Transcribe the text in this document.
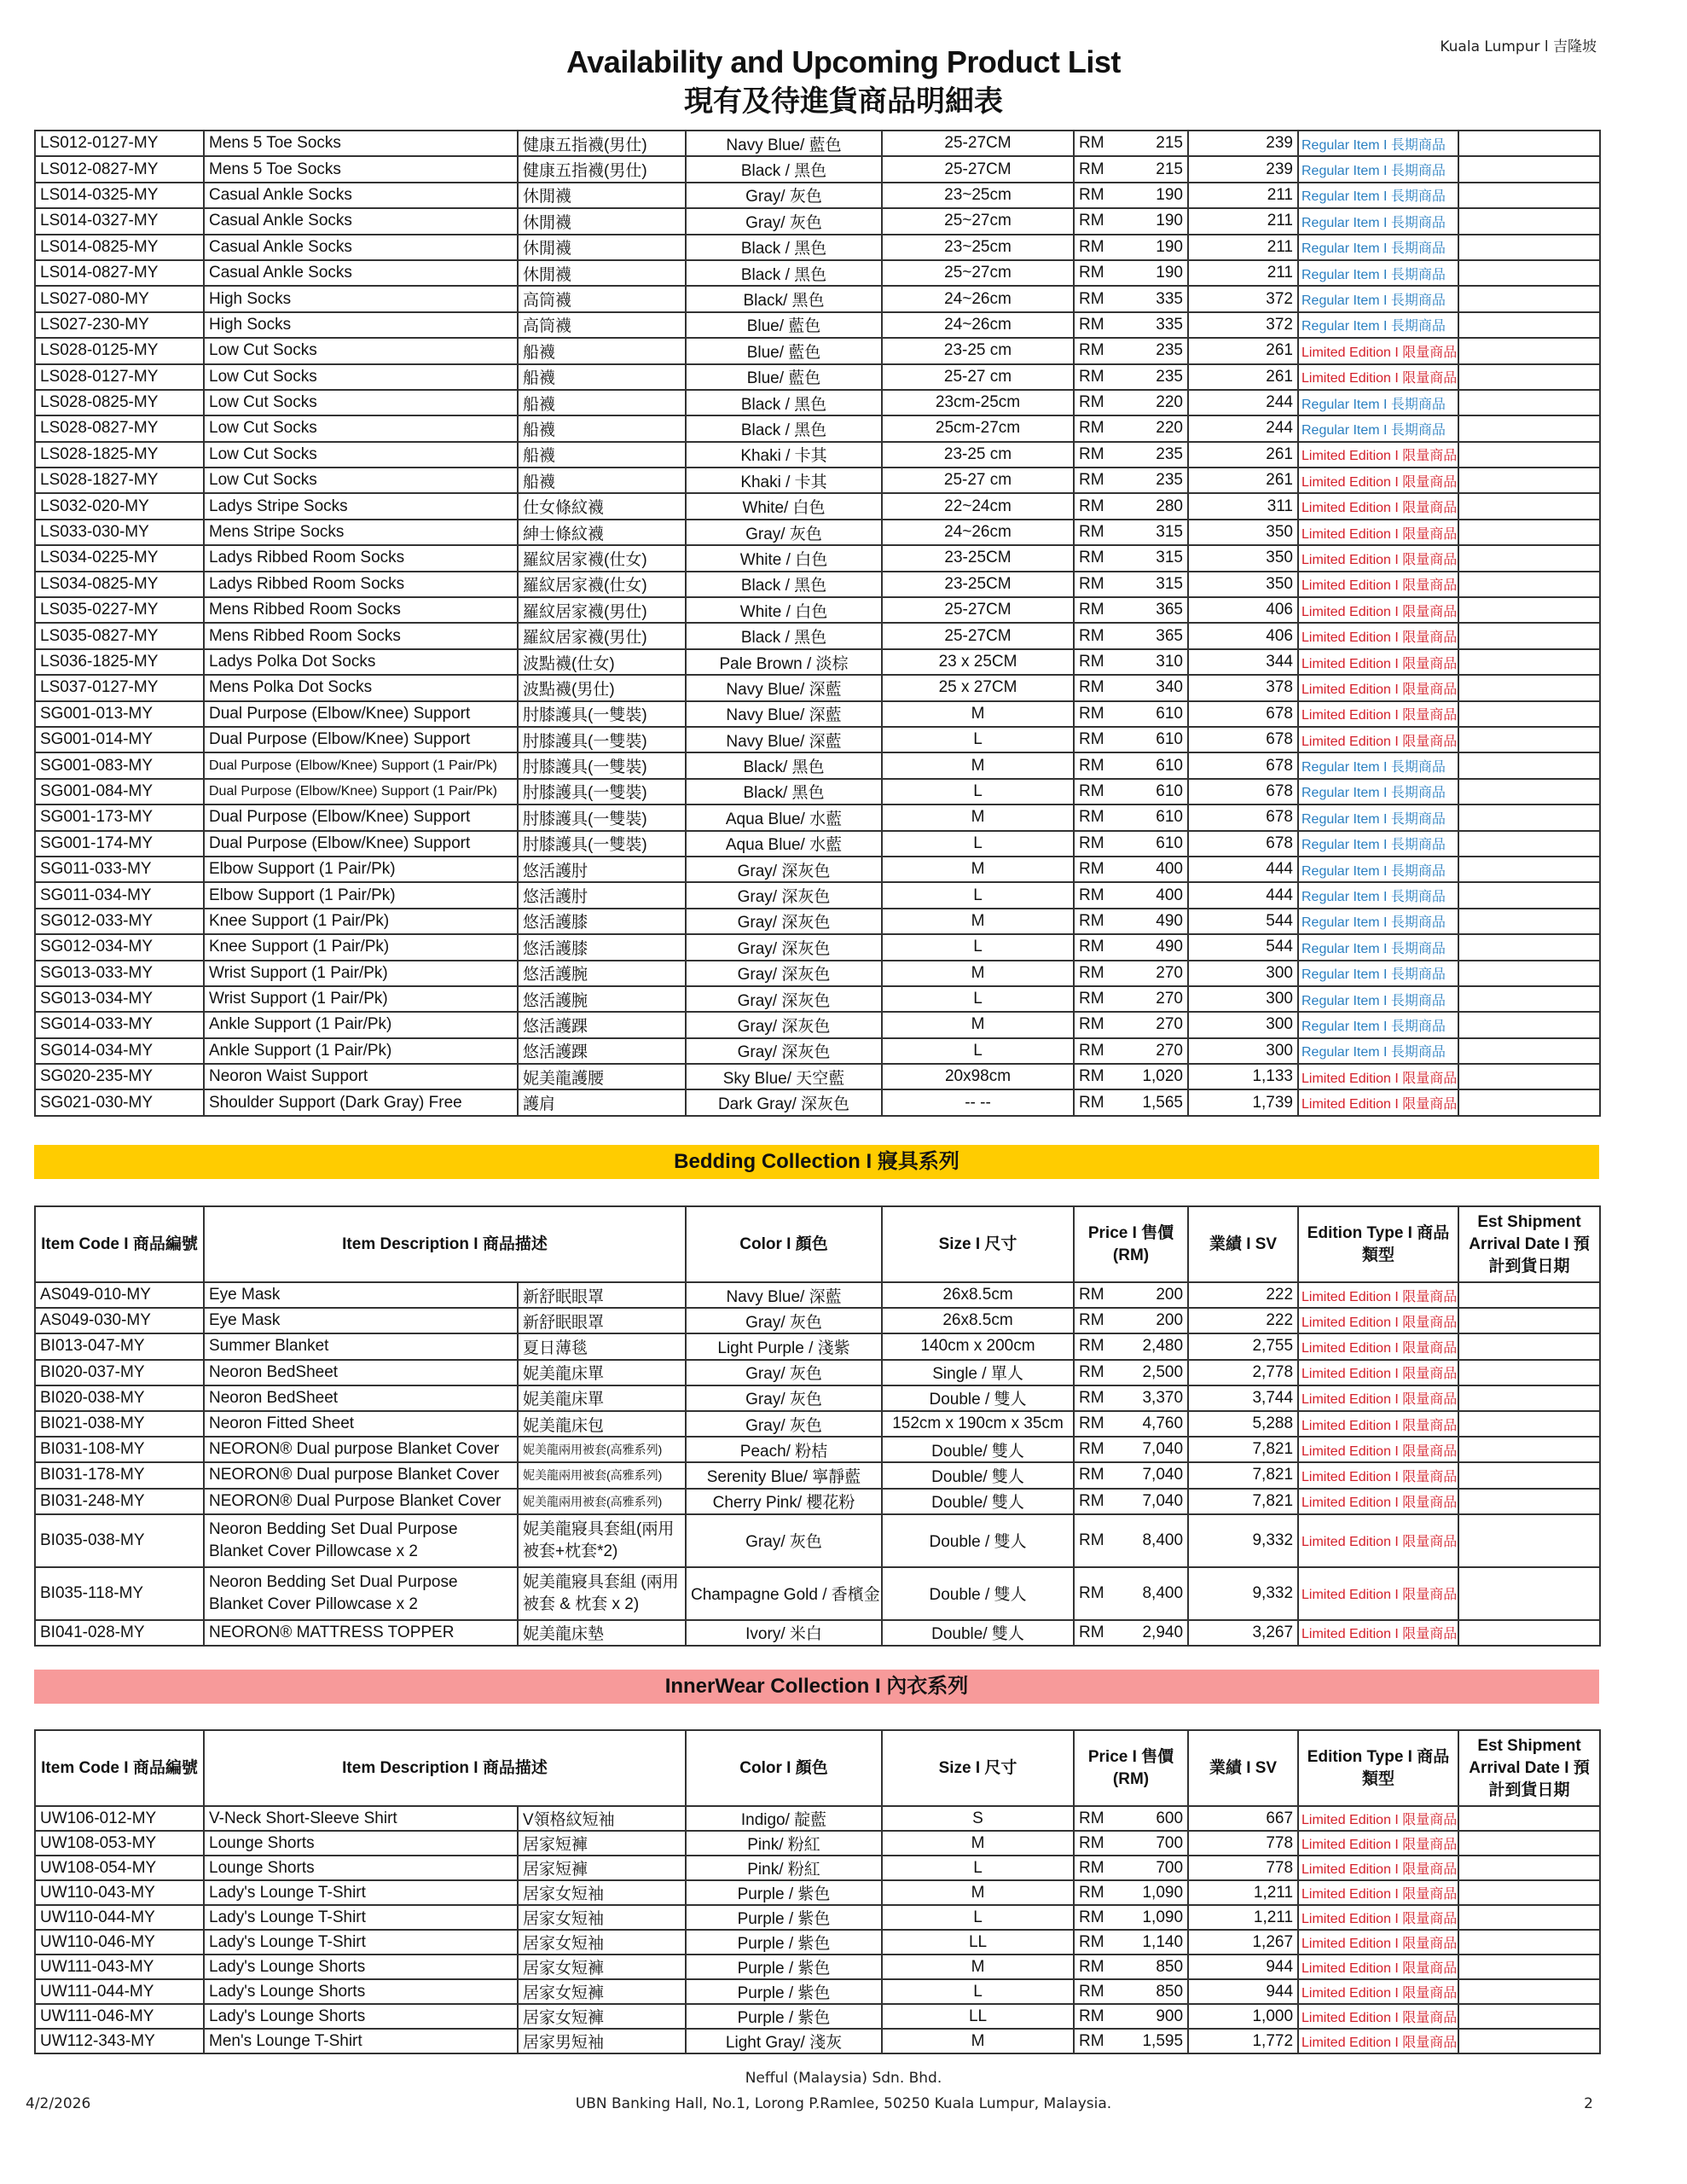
Kuala Lumpur l 吉隆坡
Availability and Upcoming Product List
現有及待進貨商品明細表
LS012-0127-MY	Mens 5 Toe Socks	健康五指襪(男仕)	Navy Blue/ 藍色	25-27CM	RM 215	239	Regular Item I 長期商品	
LS012-0827-MY	Mens 5 Toe Socks	健康五指襪(男仕)	Black / 黑色	25-27CM	RM 215	239	Regular Item I 長期商品	
LS014-0325-MY	Casual Ankle Socks	休閒襪	Gray/ 灰色	23~25cm	RM 190	211	Regular Item I 長期商品	
LS014-0327-MY	Casual Ankle Socks	休閒襪	Gray/ 灰色	25~27cm	RM 190	211	Regular Item I 長期商品	
LS014-0825-MY	Casual Ankle Socks	休閒襪	Black / 黑色	23~25cm	RM 190	211	Regular Item I 長期商品	
LS014-0827-MY	Casual Ankle Socks	休閒襪	Black / 黑色	25~27cm	RM 190	211	Regular Item I 長期商品	
LS027-080-MY	High Socks	高筒襪	Black/ 黑色	24~26cm	RM 335	372	Regular Item I 長期商品	
LS027-230-MY	High Socks	高筒襪	Blue/ 藍色	24~26cm	RM 335	372	Regular Item I 長期商品	
LS028-0125-MY	Low Cut Socks	船襪	Blue/ 藍色	23-25 cm	RM 235	261	Limited Edition I 限量商品	
LS028-0127-MY	Low Cut Socks	船襪	Blue/ 藍色	25-27 cm	RM 235	261	Limited Edition I 限量商品	
LS028-0825-MY	Low Cut Socks	船襪	Black / 黑色	23cm-25cm	RM 220	244	Regular Item I 長期商品	
LS028-0827-MY	Low Cut Socks	船襪	Black / 黑色	25cm-27cm	RM 220	244	Regular Item I 長期商品	
LS028-1825-MY	Low Cut Socks	船襪	Khaki / 卡其	23-25 cm	RM 235	261	Limited Edition I 限量商品	
LS028-1827-MY	Low Cut Socks	船襪	Khaki / 卡其	25-27 cm	RM 235	261	Limited Edition I 限量商品	
LS032-020-MY	Ladys Stripe Socks	仕女條紋襪	White/ 白色	22~24cm	RM 280	311	Limited Edition I 限量商品	
LS033-030-MY	Mens Stripe Socks	紳士條紋襪	Gray/ 灰色	24~26cm	RM 315	350	Limited Edition I 限量商品	
LS034-0225-MY	Ladys Ribbed Room Socks	羅紋居家襪(仕女)	White / 白色	23-25CM	RM 315	350	Limited Edition I 限量商品	
LS034-0825-MY	Ladys Ribbed Room Socks	羅紋居家襪(仕女)	Black / 黑色	23-25CM	RM 315	350	Limited Edition I 限量商品	
LS035-0227-MY	Mens Ribbed Room Socks	羅紋居家襪(男仕)	White / 白色	25-27CM	RM 365	406	Limited Edition I 限量商品	
LS035-0827-MY	Mens Ribbed Room Socks	羅紋居家襪(男仕)	Black / 黑色	25-27CM	RM 365	406	Limited Edition I 限量商品	
LS036-1825-MY	Ladys Polka Dot Socks	波點襪(仕女)	Pale Brown / 淡棕	23 x 25CM	RM 310	344	Limited Edition I 限量商品	
LS037-0127-MY	Mens Polka Dot Socks	波點襪(男仕)	Navy Blue/ 深藍	25 x 27CM	RM 340	378	Limited Edition I 限量商品	
SG001-013-MY	Dual Purpose (Elbow/Knee) Support	肘膝護具(一雙裝)	Navy Blue/ 深藍	M	RM 610	678	Limited Edition I 限量商品	
SG001-014-MY	Dual Purpose (Elbow/Knee) Support	肘膝護具(一雙裝)	Navy Blue/ 深藍	L	RM 610	678	Limited Edition I 限量商品	
SG001-083-MY	Dual Purpose (Elbow/Knee) Support (1 Pair/Pk)	肘膝護具(一雙裝)	Black/ 黑色	M	RM 610	678	Regular Item I 長期商品	
SG001-084-MY	Dual Purpose (Elbow/Knee) Support (1 Pair/Pk)	肘膝護具(一雙裝)	Black/ 黑色	L	RM 610	678	Regular Item I 長期商品	
SG001-173-MY	Dual Purpose (Elbow/Knee) Support	肘膝護具(一雙裝)	Aqua Blue/ 水藍	M	RM 610	678	Regular Item I 長期商品	
SG001-174-MY	Dual Purpose (Elbow/Knee) Support	肘膝護具(一雙裝)	Aqua Blue/ 水藍	L	RM 610	678	Regular Item I 長期商品	
SG011-033-MY	Elbow Support (1 Pair/Pk)	悠活護肘	Gray/ 深灰色	M	RM 400	444	Regular Item I 長期商品	
SG011-034-MY	Elbow Support (1 Pair/Pk)	悠活護肘	Gray/ 深灰色	L	RM 400	444	Regular Item I 長期商品	
SG012-033-MY	Knee Support (1 Pair/Pk)	悠活護膝	Gray/ 深灰色	M	RM 490	544	Regular Item I 長期商品	
SG012-034-MY	Knee Support (1 Pair/Pk)	悠活護膝	Gray/ 深灰色	L	RM 490	544	Regular Item I 長期商品	
SG013-033-MY	Wrist Support (1 Pair/Pk)	悠活護腕	Gray/ 深灰色	M	RM 270	300	Regular Item I 長期商品	
SG013-034-MY	Wrist Support (1 Pair/Pk)	悠活護腕	Gray/ 深灰色	L	RM 270	300	Regular Item I 長期商品	
SG014-033-MY	Ankle Support (1 Pair/Pk)	悠活護踝	Gray/ 深灰色	M	RM 270	300	Regular Item I 長期商品	
SG014-034-MY	Ankle Support (1 Pair/Pk)	悠活護踝	Gray/ 深灰色	L	RM 270	300	Regular Item I 長期商品	
SG020-235-MY	Neoron Waist Support	妮美龍護腰	Sky Blue/ 天空藍	20x98cm	RM 1,020	1,133	Limited Edition I 限量商品	
SG021-030-MY	Shoulder Support (Dark Gray) Free	護肩	Dark Gray/ 深灰色	-- --	RM 1,565	1,739	Limited Edition I 限量商品	
Bedding Collection I 寢具系列
Item Code I 商品編號	Item Description I 商品描述		Color I 顏色	Size I 尺寸	Price I 售價 (RM)	業績 I SV	Edition Type I 商品類型	Est Shipment Arrival Date I 預計到貨日期
AS049-010-MY	Eye Mask	新舒眠眼罩	Navy Blue/ 深藍	26x8.5cm	RM 200	222	Limited Edition I 限量商品	
AS049-030-MY	Eye Mask	新舒眠眼罩	Gray/ 灰色	26x8.5cm	RM 200	222	Limited Edition I 限量商品	
BI013-047-MY	Summer Blanket	夏日薄毯	Light Purple / 淺紫	140cm x 200cm	RM 2,480	2,755	Limited Edition I 限量商品	
BI020-037-MY	Neoron BedSheet	妮美龍床單	Gray/ 灰色	Single / 單人	RM 2,500	2,778	Limited Edition I 限量商品	
BI020-038-MY	Neoron BedSheet	妮美龍床單	Gray/ 灰色	Double / 雙人	RM 3,370	3,744	Limited Edition I 限量商品	
BI021-038-MY	Neoron Fitted Sheet	妮美龍床包	Gray/ 灰色	152cm x 190cm x 35cm	RM 4,760	5,288	Limited Edition I 限量商品	
BI031-108-MY	NEORON® Dual purpose Blanket Cover	妮美龍兩用被套(高雅系列)	Peach/ 粉桔	Double/ 雙人	RM 7,040	7,821	Limited Edition I 限量商品	
BI031-178-MY	NEORON® Dual purpose Blanket Cover	妮美龍兩用被套(高雅系列)	Serenity Blue/ 寧靜藍	Double/ 雙人	RM 7,040	7,821	Limited Edition I 限量商品	
BI031-248-MY	NEORON® Dual Purpose Blanket Cover	妮美龍兩用被套(高雅系列)	Cherry Pink/ 櫻花粉	Double/ 雙人	RM 7,040	7,821	Limited Edition I 限量商品	
BI035-038-MY	Neoron Bedding Set Dual Purpose Blanket Cover Pillowcase x 2	妮美龍寢具套組(兩用被套+枕套*2)	Gray/ 灰色	Double / 雙人	RM 8,400	9,332	Limited Edition I 限量商品	
BI035-118-MY	Neoron Bedding Set Dual Purpose Blanket Cover Pillowcase x 2	妮美龍寢具套組 (兩用被套 & 枕套 x 2)	Champagne Gold / 香檳金	Double / 雙人	RM 8,400	9,332	Limited Edition I 限量商品	
BI041-028-MY	NEORON® MATTRESS TOPPER	妮美龍床墊	Ivory/ 米白	Double/ 雙人	RM 2,940	3,267	Limited Edition I 限量商品	
InnerWear Collection I 內衣系列
Item Code I 商品編號	Item Description I 商品描述		Color I 顏色	Size I 尺寸	Price I 售價 (RM)	業績 I SV	Edition Type I 商品類型	Est Shipment Arrival Date I 預計到貨日期
UW106-012-MY	V-Neck Short-Sleeve Shirt	V領格紋短袖	Indigo/ 靛藍	S	RM 600	667	Limited Edition I 限量商品	
UW108-053-MY	Lounge Shorts	居家短褲	Pink/ 粉紅	M	RM 700	778	Limited Edition I 限量商品	
UW108-054-MY	Lounge Shorts	居家短褲	Pink/ 粉紅	L	RM 700	778	Limited Edition I 限量商品	
UW110-043-MY	Lady's Lounge T-Shirt	居家女短袖	Purple / 紫色	M	RM 1,090	1,211	Limited Edition I 限量商品	
UW110-044-MY	Lady's Lounge T-Shirt	居家女短袖	Purple / 紫色	L	RM 1,090	1,211	Limited Edition I 限量商品	
UW110-046-MY	Lady's Lounge T-Shirt	居家女短袖	Purple / 紫色	LL	RM 1,140	1,267	Limited Edition I 限量商品	
UW111-043-MY	Lady's Lounge Shorts	居家女短褲	Purple / 紫色	M	RM 850	944	Limited Edition I 限量商品	
UW111-044-MY	Lady's Lounge Shorts	居家女短褲	Purple / 紫色	L	RM 850	944	Limited Edition I 限量商品	
UW111-046-MY	Lady's Lounge Shorts	居家女短褲	Purple / 紫色	LL	RM 900	1,000	Limited Edition I 限量商品	
UW112-343-MY	Men's Lounge T-Shirt	居家男短袖	Light Gray/ 淺灰	M	RM 1,595	1,772	Limited Edition I 限量商品	
Nefful (Malaysia) Sdn. Bhd.
4/2/2026	UBN Banking Hall, No.1, Lorong P.Ramlee, 50250 Kuala Lumpur, Malaysia.	2
